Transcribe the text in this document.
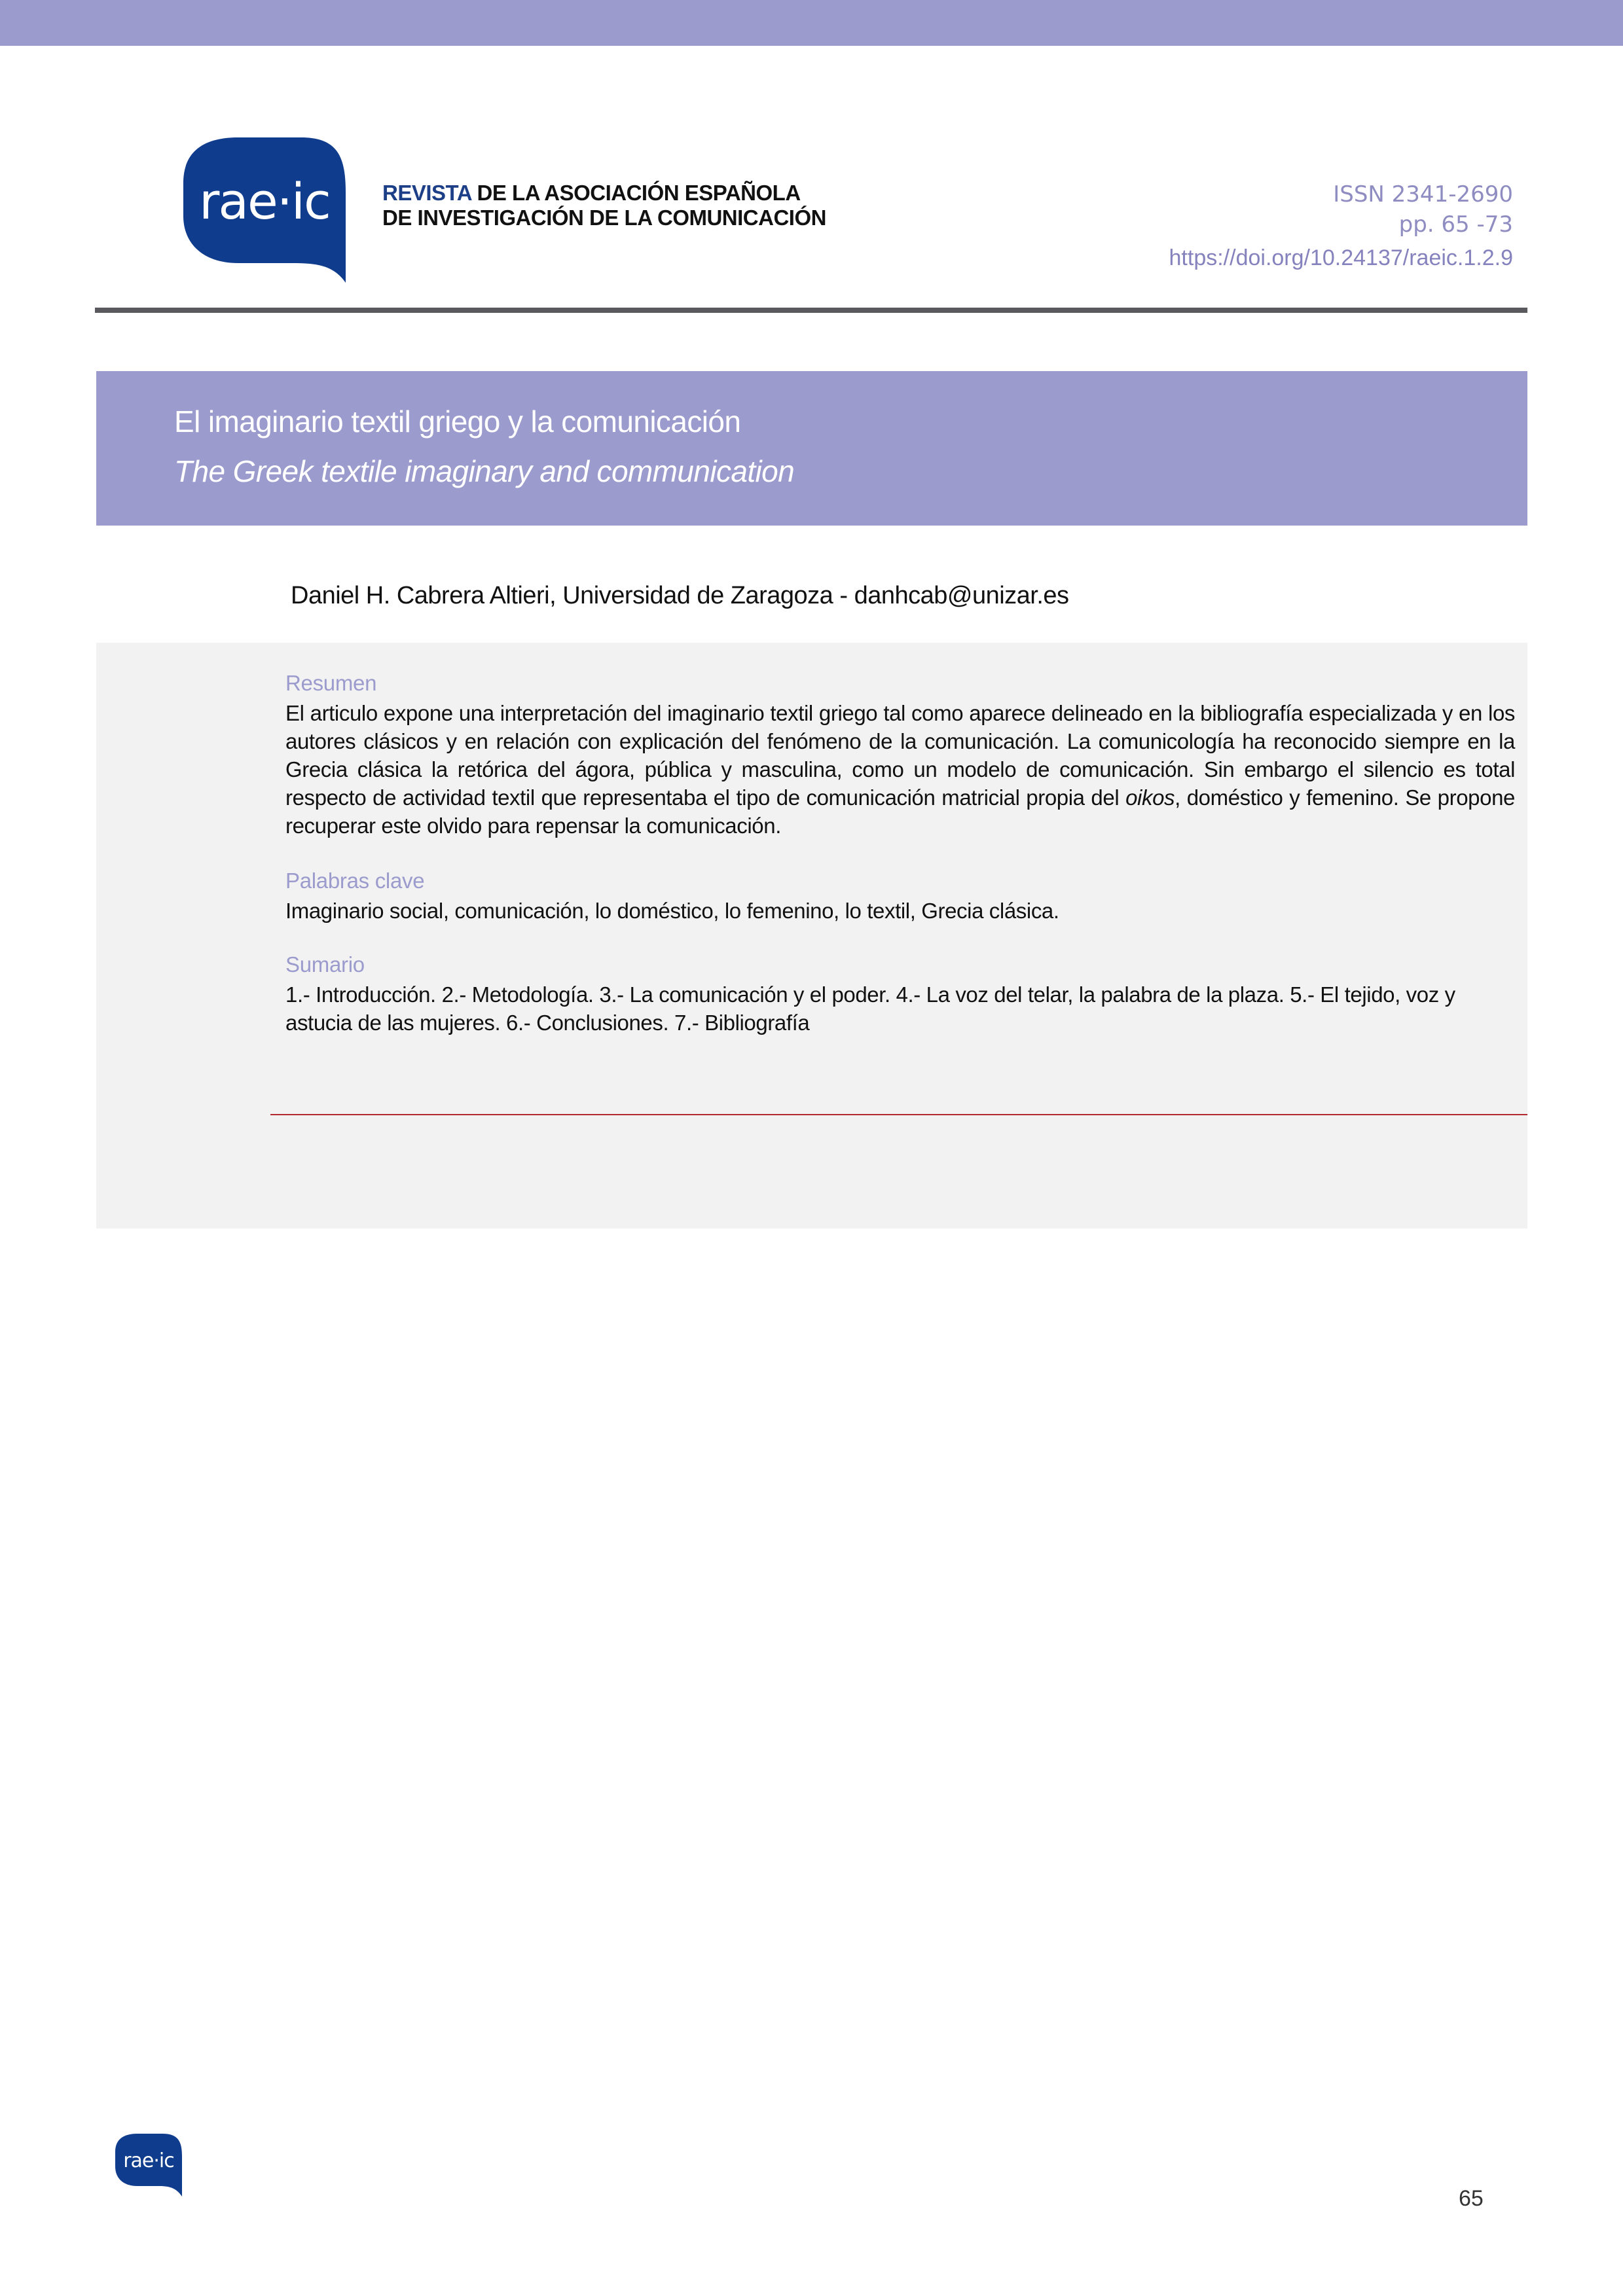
rae·ic REVISTA DE LA ASOCIACIÓN ESPAÑOLA
DE INVESTIGACIÓN DE LA COMUNICACIÓN
ISSN 2341-2690
pp. 65 -73
https://doi.org/10.24137/raeic.1.2.9
El imaginario textil griego y la comunicación
The Greek textile imaginary and communication
Daniel H. Cabrera Altieri, Universidad de Zaragoza - danhcab@unizar.es
Resumen
El articulo expone una interpretación del imaginario textil griego tal como aparece delineado en la bibliografía especializada y en los autores clásicos y en relación con explicación del fenómeno de la comunicación. La comunicología ha reconocido siempre en la Grecia clásica la retórica del ágora, pública y masculina, como un modelo de comunicación. Sin embargo el silencio es total respecto de actividad textil que representaba el tipo de comunicación matricial propia del oikos, doméstico y femenino. Se propone recuperar este olvido para repensar la comunicación.
Palabras clave
Imaginario social, comunicación, lo doméstico, lo femenino, lo textil, Grecia clásica.
Sumario
1.- Introducción. 2.- Metodología. 3.- La comunicación y el poder. 4.- La voz del telar, la palabra de la plaza. 5.- El tejido, voz y astucia de las mujeres. 6.- Conclusiones. 7.- Bibliografía
rae·ic
65
